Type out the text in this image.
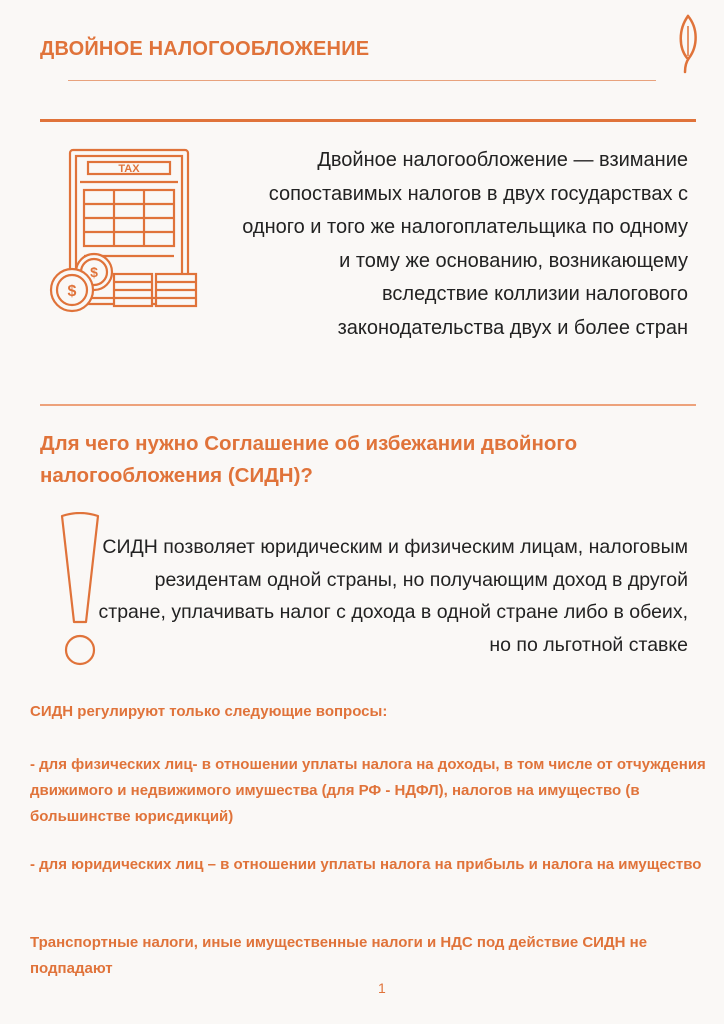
ДВОЙНОЕ НАЛОГООБЛОЖЕНИЕ
TAX
$
$
Двойное налогообложение — взимание сопоставимых налогов в двух государствах с одного и того же налогоплательщика по одному и тому же основанию, возникающему вследствие коллизии налогового законодательства двух и более стран
Для чего нужно Соглашение об избежании двойного налогообложения (СИДН)?
СИДН позволяет юридическим и физическим лицам, налоговым резидентам одной страны, но получающим доход в другой стране, уплачивать налог с дохода в одной стране либо в обеих, но по льготной ставке
СИДН регулируют только следующие вопросы:
- для физических лиц- в отношении уплаты налога на доходы, в том числе от отчуждения движимого и недвижимого имушества (для РФ - НДФЛ), налогов на имущество (в большинстве юрисдикций)
- для юридических лиц – в отношении уплаты налога на прибыль и налога на имущество
Транспортные налоги, иные имущественные налоги и НДС под действие СИДН не подпадают
1
